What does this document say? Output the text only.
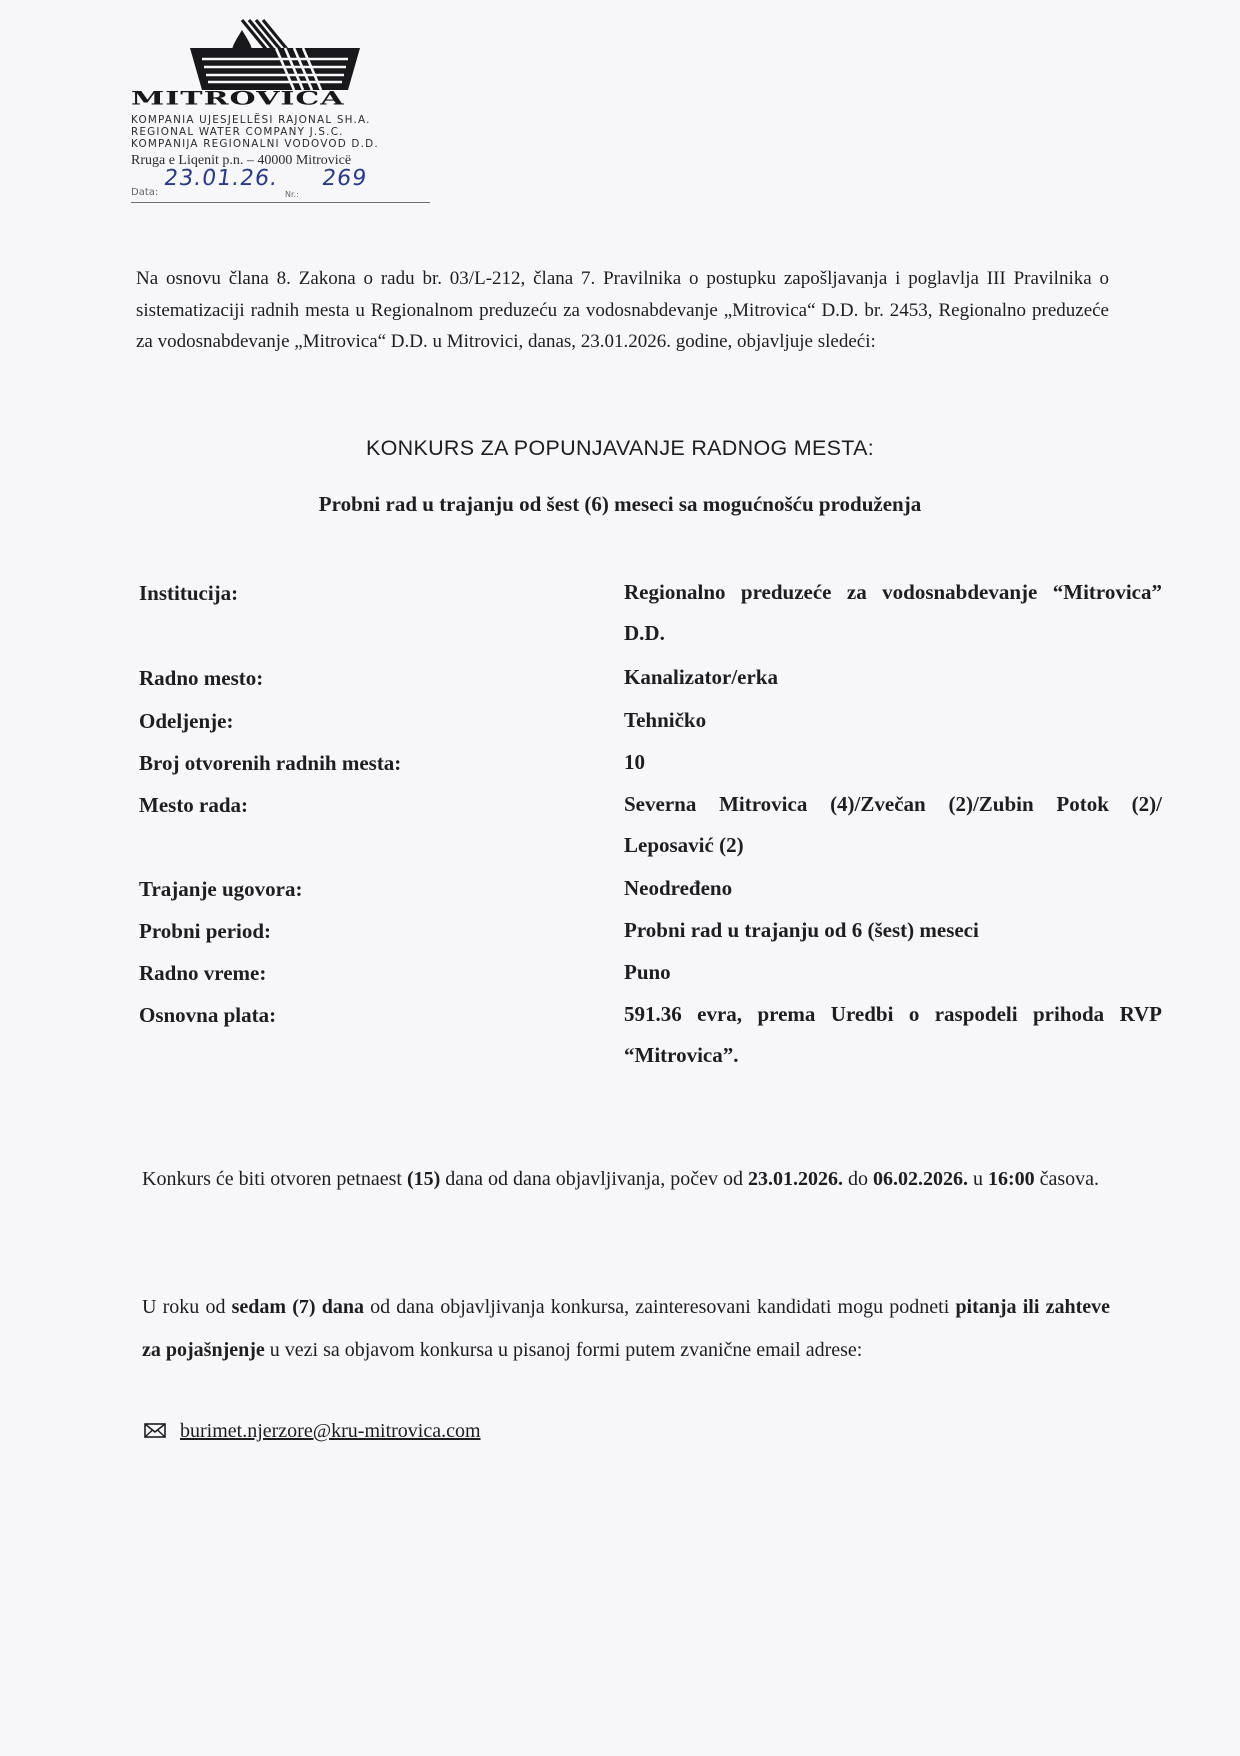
MITROVICA
KOMPANIA UJESJELLËSI RAJONAL SH.A.
REGIONAL WATER COMPANY J.S.C.
KOMPANIJA REGIONALNI VODOVOD D.D.
Rruga e Liqenit p.n. – 40000 Mitrovicë
Data:	Nr.:
23.01.26. 269

Na osnovu člana 8. Zakona o radu br. 03/L-212, člana 7. Pravilnika o postupku zapošljavanja i poglavlja III Pravilnika o sistematizaciji radnih mesta u Regionalnom preduzeću za vodosnabdevanje „Mitrovica“ D.D. br. 2453, Regionalno preduzeće za vodosnabdevanje „Mitrovica“ D.D. u Mitrovici, danas, 23.01.2026. godine, objavljuje sledeći:

KONKURS ZA POPUNJAVANJE RADNOG MESTA:
Probni rad u trajanju od šest (6) meseci sa mogućnošću produženja
Institucija:	Regionalno preduzeće za vodosnabdevanje “Mitrovica” D.D.
Radno mesto:	Kanalizator/erka
Odeljenje:	Tehničko
Broj otvorenih radnih mesta:	10
Mesto rada:	Severna Mitrovica (4)/Zvečan (2)/Zubin Potok (2)/ Leposavić (2)
Trajanje ugovora:	Neodređeno
Probni period:	Probni rad u trajanju od 6 (šest) meseci
Radno vreme:	Puno
Osnovna plata:	591.36 evra, prema Uredbi o raspodeli prihoda RVP “Mitrovica”.

Konkurs će biti otvoren petnaest (15) dana od dana objavljivanja, počev od 23.01.2026. do 06.02.2026. u 16:00 časova.

U roku od sedam (7) dana od dana objavljivanja konkursa, zainteresovani kandidati mogu podneti pitanja ili zahteve za pojašnjenje u vezi sa objavom konkursa u pisanoj formi putem zvanične email adrese:

burimet.njerzore@kru-mitrovica.com
